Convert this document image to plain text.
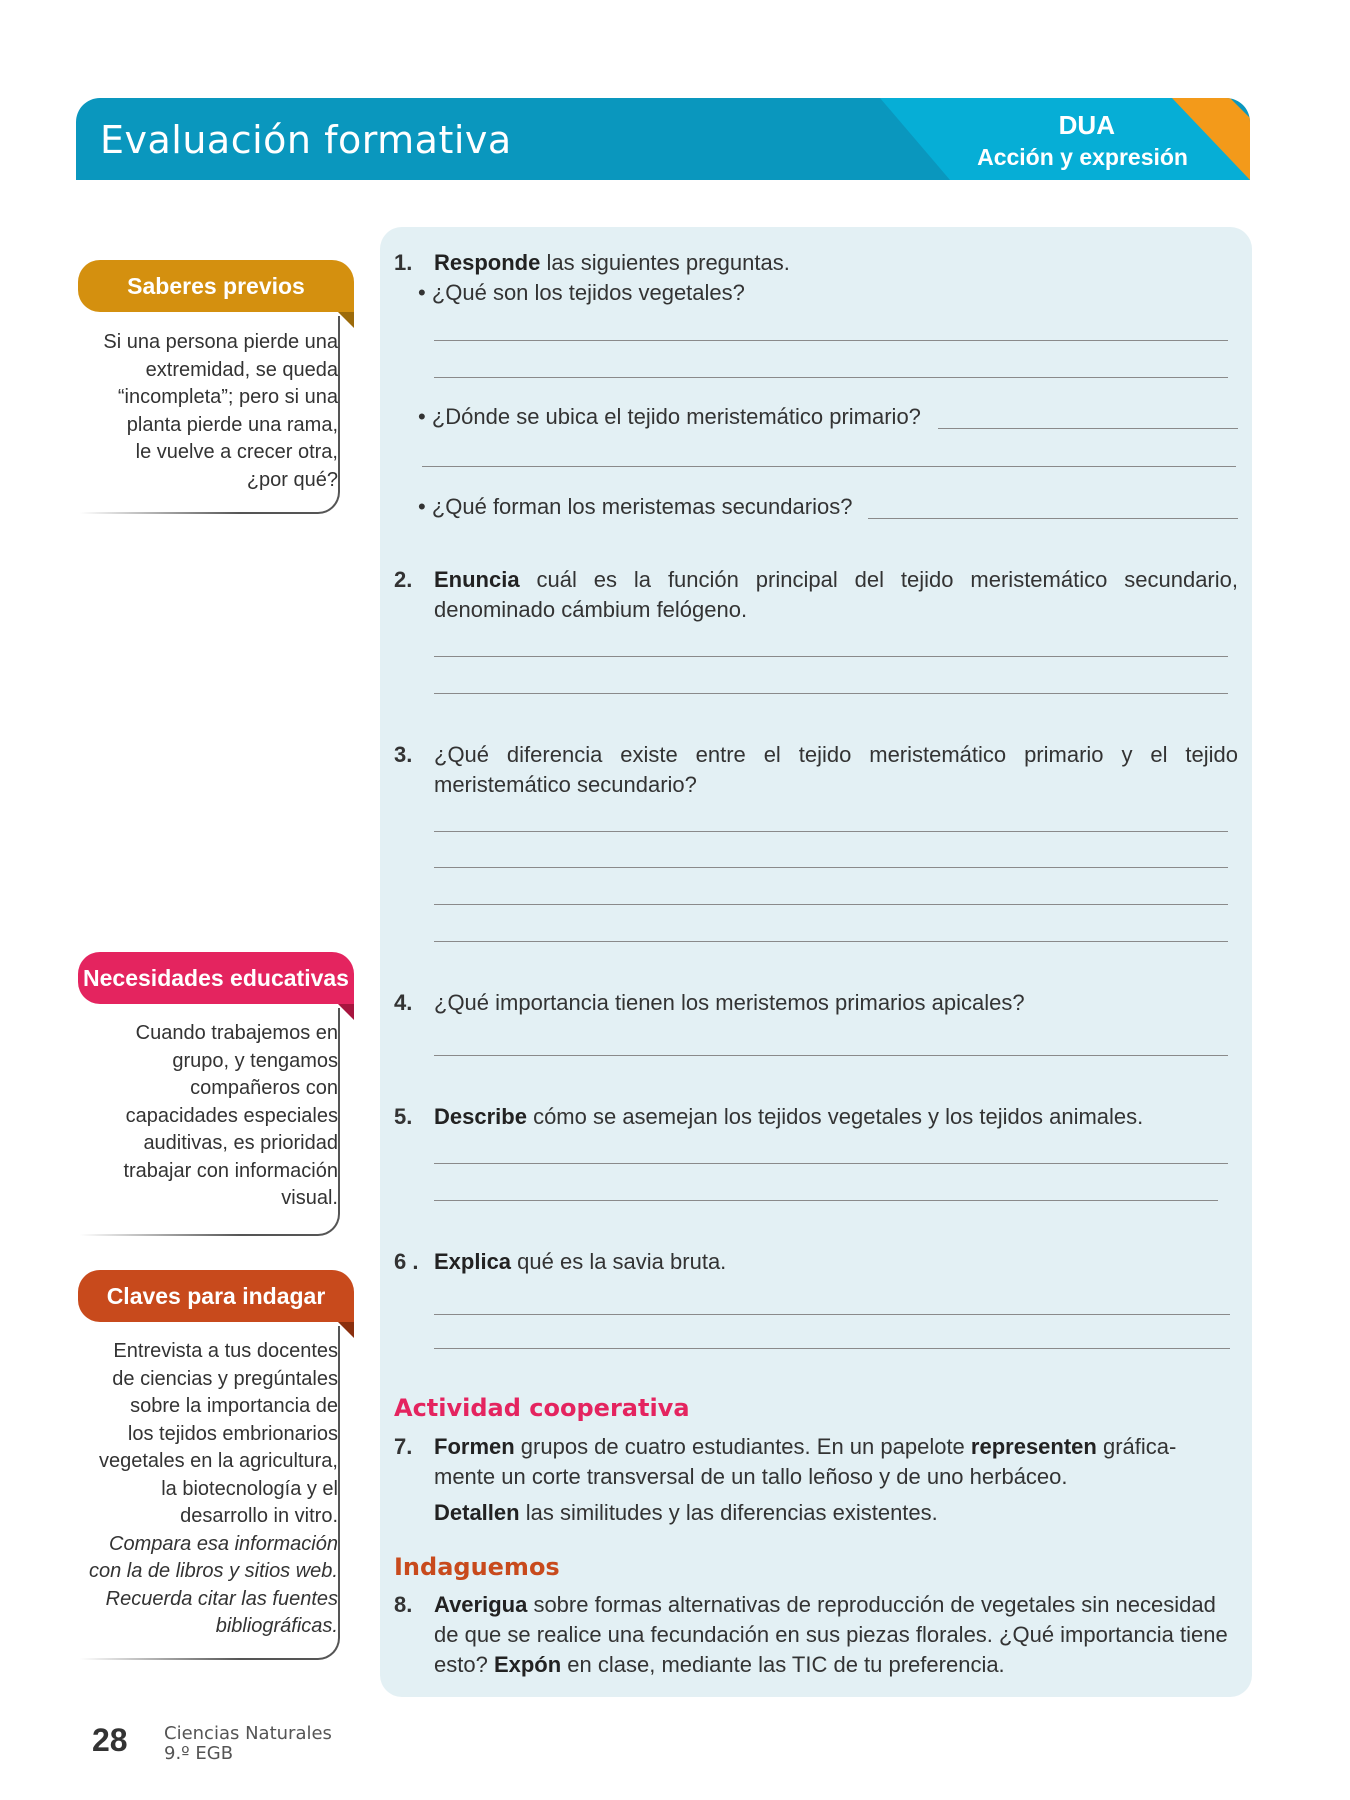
Evaluación formativa	DUA
Acción y expresión
Saberes previos
Si una persona pierde una
extremidad, se queda
“incompleta”; pero si una
planta pierde una rama,
le vuelve a crecer otra,
¿por qué?
Necesidades educativas
Cuando trabajemos en
grupo, y tengamos
compañeros con
capacidades especiales
auditivas, es prioridad
trabajar con información
visual.
Claves para indagar
Entrevista a tus docentes
de ciencias y pregúntales
sobre la importancia de
los tejidos embrionarios
vegetales en la agricultura,
la biotecnología y el
desarrollo in vitro.
Compara esa información
con la de libros y sitios web.
Recuerda citar las fuentes
bibliográficas.
1. Responde las siguientes preguntas.
• ¿Qué son los tejidos vegetales?
• ¿Dónde se ubica el tejido meristemático primario?
• ¿Qué forman los meristemas secundarios?
2. Enuncia cuál es la función principal del tejido meristemático secundario, denominado cámbium felógeno.
3. ¿Qué diferencia existe entre el tejido meristemático primario y el tejido meristemático secundario?
4. ¿Qué importancia tienen los meristemos primarios apicales?
5. Describe cómo se asemejan los tejidos vegetales y los tejidos animales.
6 . Explica qué es la savia bruta.
Actividad cooperativa
7. Formen grupos de cuatro estudiantes. En un papelote representen gráfica-
mente un corte transversal de un tallo leñoso y de uno herbáceo.

Detallen las similitudes y las diferencias existentes.
Indaguemos
8. Averigua sobre formas alternativas de reproducción de vegetales sin necesidad
de que se realice una fecundación en sus piezas florales. ¿Qué importancia tiene
esto? Expón en clase, mediante las TIC de tu preferencia.
28 Ciencias Naturales
9.º EGB
